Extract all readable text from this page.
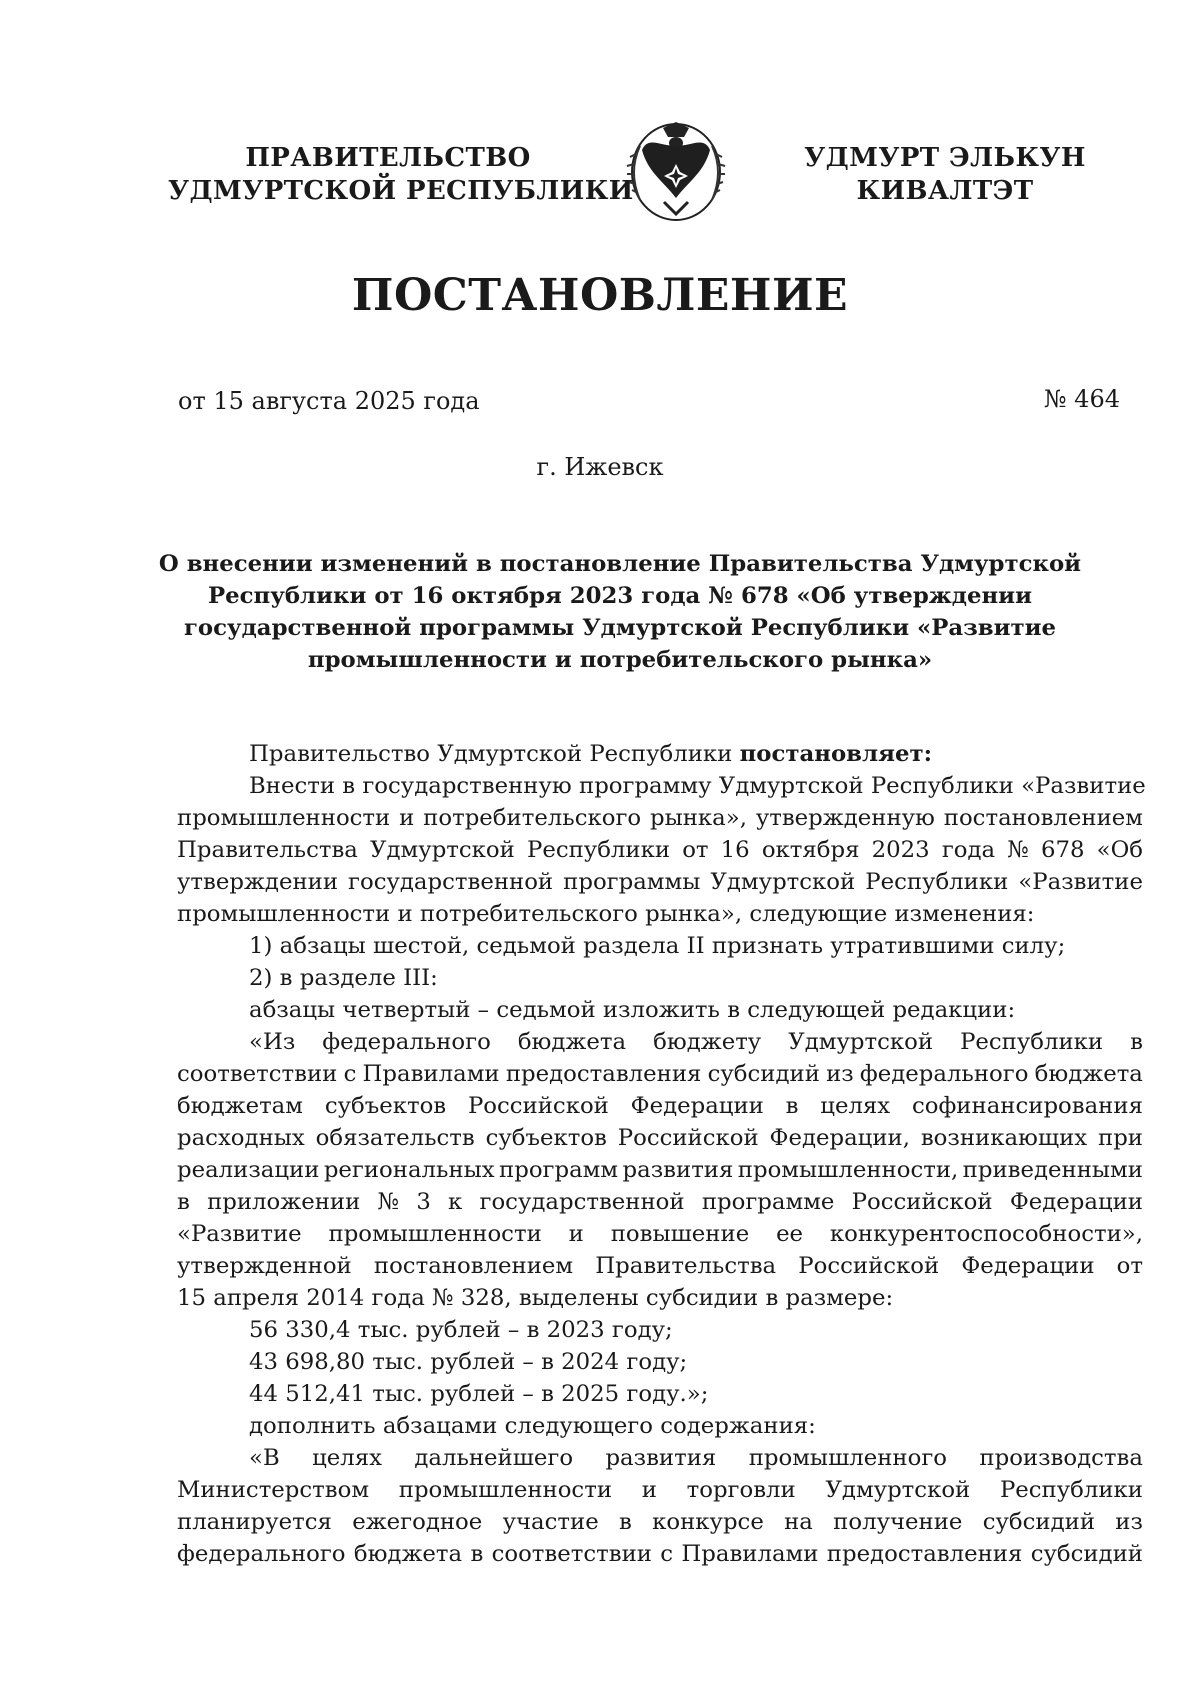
ПРАВИТЕЛЬСТВО
УДМУРТСКОЙ РЕСПУБЛИКИ
УДМУРТ ЭЛЬКУН
КИВАЛТЭТ
ПОСТАНОВЛЕНИЕ
от 15 августа 2025 года	№ 464
г. Ижевск
О внесении изменений в постановление Правительства Удмуртской
Республики от 16 октября 2023 года № 678 «Об утверждении
государственной программы Удмуртской Республики «Развитие
промышленности и потребительского рынка»
Правительство Удмуртской Республики постановляет:
Внести в государственную программу Удмуртской Республики «Развитие
промышленности и потребительского рынка», утвержденную постановлением
Правительства Удмуртской Республики от 16 октября 2023 года № 678 «Об
утверждении государственной программы Удмуртской Республики «Развитие
промышленности и потребительского рынка», следующие изменения:
1) абзацы шестой, седьмой раздела II признать утратившими силу;
2) в разделе III:
абзацы четвертый – седьмой изложить в следующей редакции:
«Из федерального бюджета бюджету Удмуртской Республики в
соответствии с Правилами предоставления субсидий из федерального бюджета
бюджетам субъектов Российской Федерации в целях софинансирования
расходных обязательств субъектов Российской Федерации, возникающих при
реализации региональных программ развития промышленности, приведенными
в приложении № 3 к государственной программе Российской Федерации
«Развитие промышленности и повышение ее конкурентоспособности»,
утвержденной постановлением Правительства Российской Федерации от
15 апреля 2014 года № 328, выделены субсидии в размере:
56 330,4 тыс. рублей – в 2023 году;
43 698,80 тыс. рублей – в 2024 году;
44 512,41 тыс. рублей – в 2025 году.»;
дополнить абзацами следующего содержания:
«В целях дальнейшего развития промышленного производства
Министерством промышленности и торговли Удмуртской Республики
планируется ежегодное участие в конкурсе на получение субсидий из
федерального бюджета в соответствии с Правилами предоставления субсидий
